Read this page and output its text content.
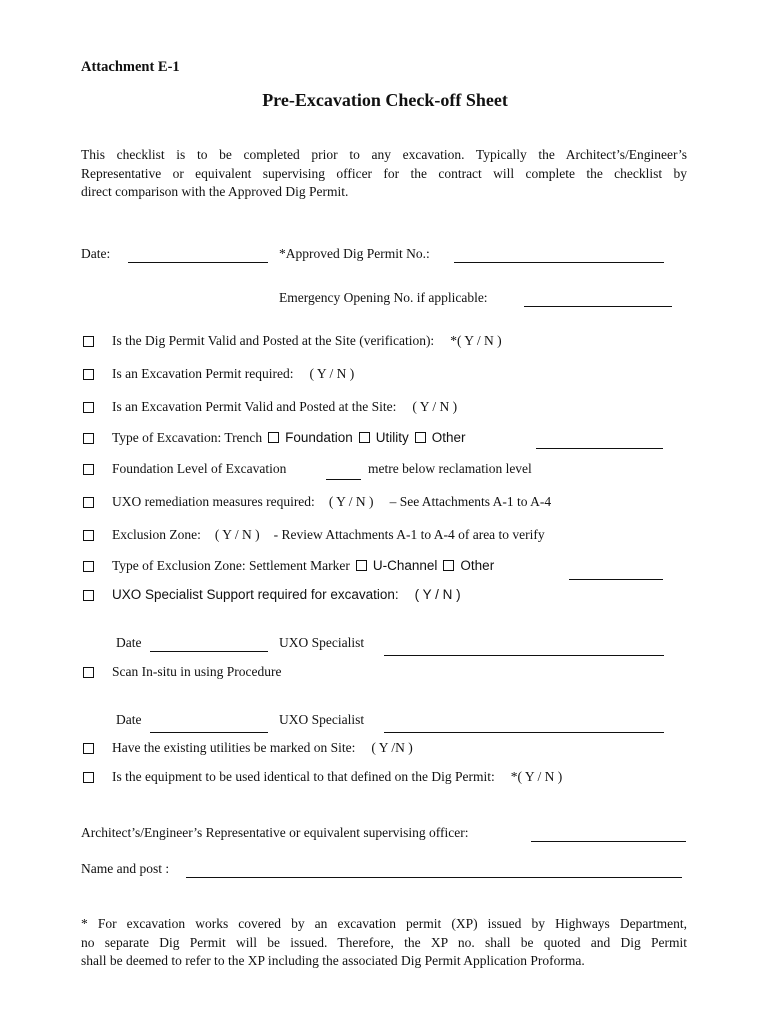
Attachment E-1
Pre-Excavation Check-off Sheet
This checklist is to be completed prior to any excavation. Typically the Architect’s/Engineer’s
Representative or equivalent supervising officer for the contract will complete the checklist by
direct comparison with the Approved Dig Permit.
Date:	*Approved Dig Permit No.:
Emergency Opening No. if applicable:
Is the Dig Permit Valid and Posted at the Site (verification): *( Y / N )
Is an Excavation Permit required: ( Y / N )
Is an Excavation Permit Valid and Posted at the Site: ( Y / N )
Type of Excavation: Trench Foundation Utility Other
Foundation Level of Excavation	metre below reclamation level
UXO remediation measures required: ( Y / N ) – See Attachments A-1 to A-4
Exclusion Zone: ( Y / N ) - Review Attachments A-1 to A-4 of area to verify
Type of Exclusion Zone: Settlement Marker U-Channel Other
UXO Specialist Support required for excavation: ( Y / N )
Date	UXO Specialist
Scan In-situ in using Procedure
Date	UXO Specialist
Have the existing utilities be marked on Site: ( Y /N )
Is the equipment to be used identical to that defined on the Dig Permit: *( Y / N )
Architect’s/Engineer’s Representative or equivalent supervising officer:
Name and post :
* For excavation works covered by an excavation permit (XP) issued by Highways Department,
no separate Dig Permit will be issued. Therefore, the XP no. shall be quoted and Dig Permit
shall be deemed to refer to the XP including the associated Dig Permit Application Proforma.
